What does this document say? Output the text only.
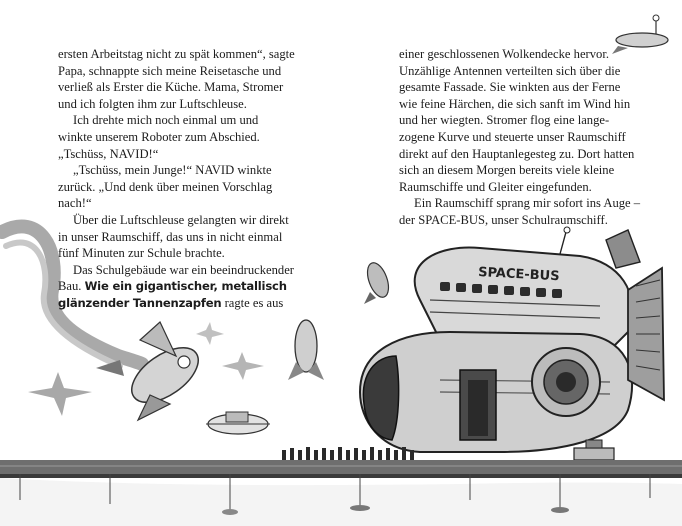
SPACE-BUS
ersten Arbeitstag nicht zu spät kommen“, sagte
Papa, schnappte sich meine Reisetasche und
verließ als Erster die Küche. Mama, Stromer
und ich folgten ihm zur Luftschleuse.
Ich drehte mich noch einmal um und
winkte unserem Roboter zum Abschied.
„Tschüss, NAVID!“
„Tschüss, mein Junge!“ NAVID winkte
zurück. „Und denk über meinen Vorschlag
nach!“
Über die Luftschleuse gelangten wir direkt
in unser Raumschiff, das uns in nicht einmal
fünf Minuten zur Schule brachte.
Das Schulgebäude war ein beeindruckender
Bau. Wie ein gigantischer, metallisch
glänzender Tannenzapfen ragte es aus
einer geschlossenen Wolkendecke hervor.
Unzählige Antennen verteilten sich über die
gesamte Fassade. Sie winkten aus der Ferne
wie feine Härchen, die sich sanft im Wind hin
und her wiegten. Stromer flog eine lange-
zogene Kurve und steuerte unser Raumschiff
direkt auf den Hauptanlegesteg zu. Dort hatten
sich an diesem Morgen bereits viele kleine
Raumschiffe und Gleiter eingefunden.
Ein Raumschiff sprang mir sofort ins Auge –
der SPACE-BUS, unser Schulraumschiff.
